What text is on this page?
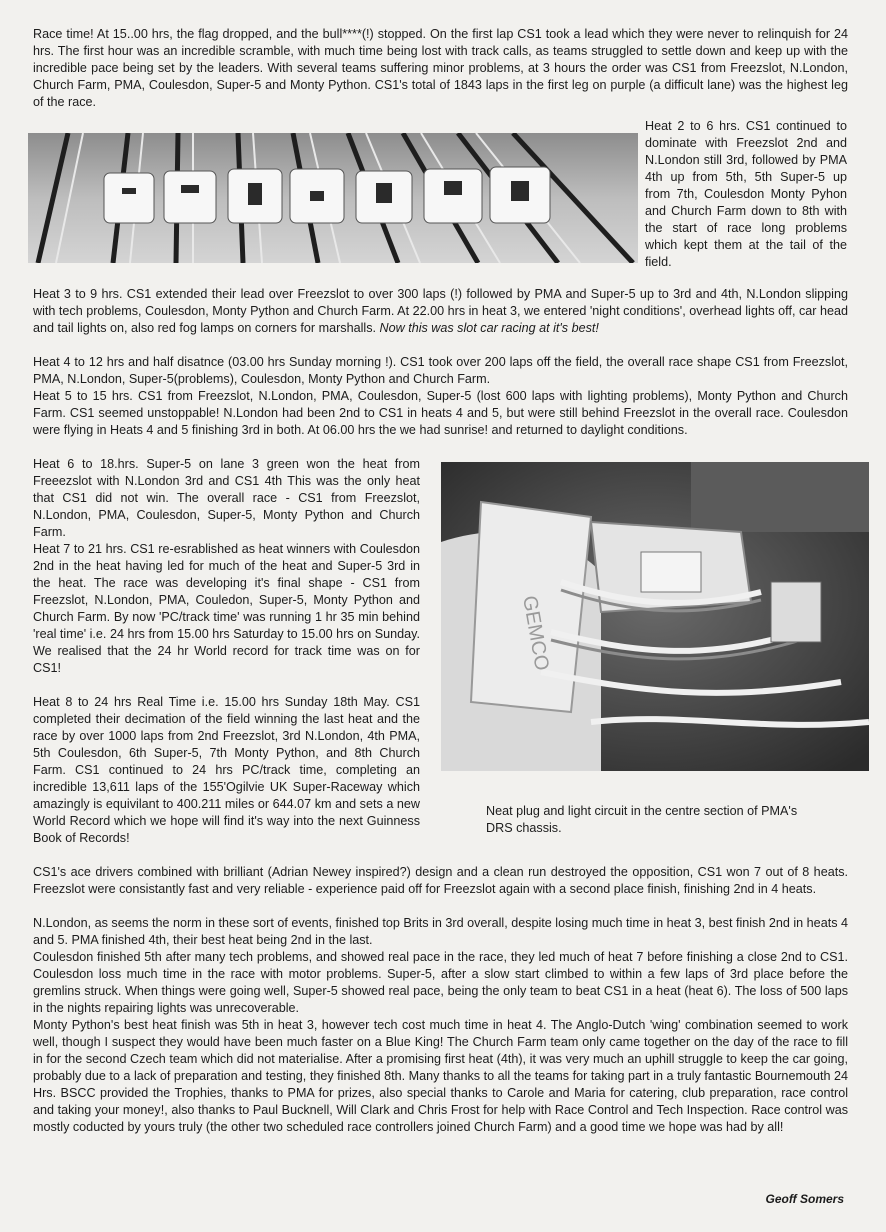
Race time! At 15..00 hrs, the flag dropped, and the bull****(!) stopped. On the first lap CS1 took a lead which they were never to relinquish for 24 hrs. The first hour was an incredible scramble, with much time being lost with track calls, as teams struggled to settle down and keep up with the incredible pace being set by the leaders. With several teams suffering minor problems, at 3 hours the order was CS1 from Freezslot, N.London, Church Farm, PMA, Coulesdon, Super-5 and Monty Python. CS1's total of 1843 laps in the first leg on purple (a difficult lane) was the highest leg of the race.
Heat 2 to 6 hrs. CS1 continued to dominate with Freezslot 2nd and N.London still 3rd, followed by PMA 4th up from 5th, 5th Super-5 up from 7th, Coulesdon Monty Pyhon and Church Farm down to 8th with the start of race long problems which kept them at the tail of the field.
Heat 3 to 9 hrs. CS1 extended their lead over Freezslot to over 300 laps (!) followed by PMA and Super-5 up to 3rd and 4th, N.London slipping with tech problems, Coulesdon, Monty Python and Church Farm. At 22.00 hrs in heat 3, we entered 'night conditions', overhead lights off, car head and tail lights on, also red fog lamps on corners for marshalls. Now this was slot car racing at it's best!
Heat 4 to 12 hrs and half disatnce (03.00 hrs Sunday morning !). CS1 took over 200 laps off the field, the overall race shape CS1 from Freezslot, PMA, N.London, Super-5(problems), Coulesdon, Monty Python and Church Farm.
Heat 5 to 15 hrs. CS1 from Freezslot, N.London, PMA, Coulesdon, Super-5 (lost 600 laps with lighting problems), Monty Python and Church Farm. CS1 seemed unstoppable! N.London had been 2nd to CS1 in heats 4 and 5, but were still behind Freezslot in the overall race. Coulesdon were flying in Heats 4 and 5 finishing 3rd in both. At 06.00 hrs the we had sunrise! and returned to daylight conditions.
Heat 6 to 18.hrs. Super-5 on lane 3 green won the heat from Freeezslot with N.London 3rd and CS1 4th This was the only heat that CS1 did not win. The overall race - CS1 from Freezslot, N.London, PMA, Coulesdon, Super-5, Monty Python and Church Farm.
Heat 7 to 21 hrs. CS1 re-esrablished as heat winners with Coulesdon 2nd in the heat having led for much of the heat and Super-5 3rd in the heat. The race was developing it's final shape - CS1 from Freezslot, N.London, PMA, Couledon, Super-5, Monty Python and Church Farm. By now 'PC/track time' was running 1 hr 35 min behind 'real time' i.e. 24 hrs from 15.00 hrs Saturday to 15.00 hrs on Sunday. We realised that the 24 hr World record for track time was on for CS1!
Heat 8 to 24 hrs Real Time i.e. 15.00 hrs Sunday 18th May. CS1 completed their decimation of the field winning the last heat and the race by over 1000 laps from 2nd Freezslot, 3rd N.London, 4th PMA, 5th Coulesdon, 6th Super-5, 7th Monty Python, and 8th Church Farm. CS1 continued to 24 hrs PC/track time, completing an incredible 13,611 laps of the 155'Ogilvie UK Super-Raceway which amazingly is equivilant to 400.211 miles or 644.07 km and sets a new World Record which we hope will find it's way into the next Guinness Book of Records!
GEMCO
Neat plug and light circuit in the centre section of PMA's DRS chassis.
CS1's ace drivers combined with brilliant (Adrian Newey inspired?) design and a clean run destroyed the opposition, CS1 won 7 out of 8 heats. Freezslot were consistantly fast and very reliable - experience paid off for Freezslot again with a second place finish, finishing 2nd in 4 heats.
N.London, as seems the norm in these sort of events, finished top Brits in 3rd overall, despite losing much time in heat 3, best finish 2nd in heats 4 and 5. PMA finished 4th, their best heat being 2nd in the last.
Coulesdon finished 5th after many tech problems, and showed real pace in the race, they led much of heat 7 before finishing a close 2nd to CS1. Coulesdon loss much time in the race with motor problems. Super-5, after a slow start climbed to within a few laps of 3rd place before the gremlins struck. When things were going well, Super-5 showed real pace, being the only team to beat CS1 in a heat (heat 6). The loss of 500 laps in the nights repairing lights was unrecoverable.
Monty Python's best heat finish was 5th in heat 3, however tech cost much time in heat 4. The Anglo-Dutch 'wing' combination seemed to work well, though I suspect they would have been much faster on a Blue King! The Church Farm team only came together on the day of the race to fill in for the second Czech team which did not materialise. After a promising first heat (4th), it was very much an uphill struggle to keep the car going, probably due to a lack of preparation and testing, they finished 8th. Many thanks to all the teams for taking part in a truly fantastic Bournemouth 24 Hrs. BSCC provided the Trophies, thanks to PMA for prizes, also special thanks to Carole and Maria for catering, club preparation, race control and taking your money!, also thanks to Paul Bucknell, Will Clark and Chris Frost for help with Race Control and Tech Inspection. Race control was mostly coducted by yours truly (the other two scheduled race controllers joined Church Farm) and a good time we hope was had by all!
Geoff Somers
